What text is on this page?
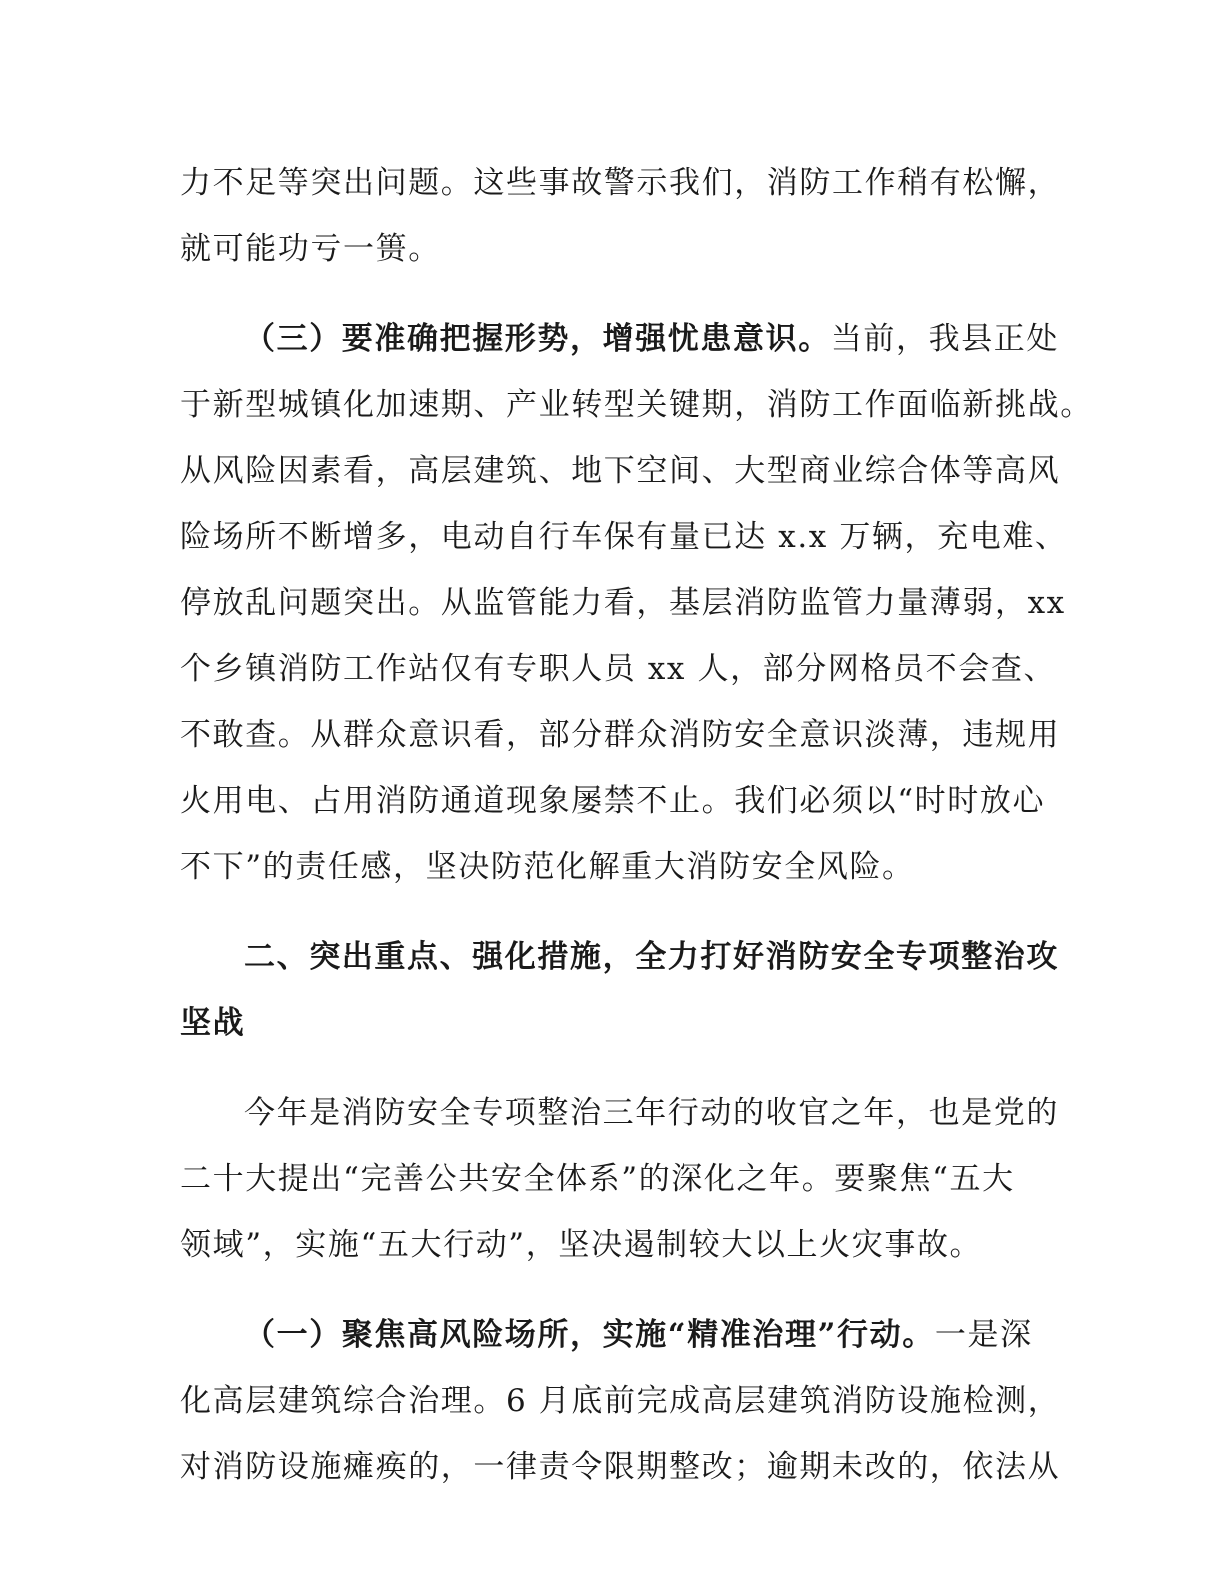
力不足等突出问题。这些事故警示我们，消防工作稍有松懈，
就可能功亏一篑。
（三）要准确把握形势，增强忧患意识。当前，我县正处
于新型城镇化加速期、产业转型关键期，消防工作面临新挑战。
从风险因素看，高层建筑、地下空间、大型商业综合体等高风
险场所不断增多，电动自行车保有量已达 x.x 万辆，充电难、
停放乱问题突出。从监管能力看，基层消防监管力量薄弱，xx
个乡镇消防工作站仅有专职人员 xx 人，部分网格员不会查、
不敢查。从群众意识看，部分群众消防安全意识淡薄，违规用
火用电、占用消防通道现象屡禁不止。我们必须以“时时放心
不下”的责任感，坚决防范化解重大消防安全风险。
二、突出重点、强化措施，全力打好消防安全专项整治攻
坚战
今年是消防安全专项整治三年行动的收官之年，也是党的
二十大提出“完善公共安全体系”的深化之年。要聚焦“五大
领域”，实施“五大行动”，坚决遏制较大以上火灾事故。
（一）聚焦高风险场所，实施“精准治理”行动。一是深
化高层建筑综合治理。6 月底前完成高层建筑消防设施检测，
对消防设施瘫痪的，一律责令限期整改；逾期未改的，依法从
